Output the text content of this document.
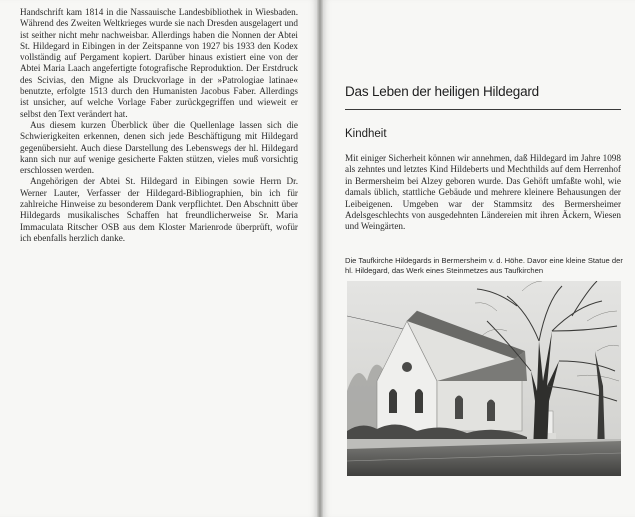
Handschrift kam 1814 in die Nassauische Landesbibliothek in Wiesbaden. Während des Zweiten Weltkrieges wurde sie nach Dresden ausgelagert und ist seither nicht mehr nachweisbar. Allerdings haben die Nonnen der Abtei St. Hildegard in Eibingen in der Zeitspanne von 1927 bis 1933 den Kodex vollständig auf Pergament kopiert. Darüber hinaus existiert eine von der Abtei Maria Laach angefertigte fotografische Reproduktion. Der Erstdruck des Scivias, den Migne als Druckvorlage in der »Patrologiae latinae« benutzte, erfolgte 1513 durch den Humanisten Jacobus Faber. Allerdings ist unsicher, auf welche Vorlage Faber zurückgegriffen und wieweit er selbst den Text verändert hat.

Aus diesem kurzen Überblick über die Quellenlage lassen sich die Schwierigkeiten erkennen, denen sich jede Beschäftigung mit Hildegard gegenübersieht. Auch diese Darstellung des Lebenswegs der hl. Hildegard kann sich nur auf wenige gesicherte Fakten stützen, vieles muß vorsichtig erschlossen werden.

Angehörigen der Abtei St. Hildegard in Eibingen sowie Herrn Dr. Werner Lauter, Verfasser der Hildegard-Bibliographien, bin ich für zahlreiche Hinweise zu besonderem Dank verpflichtet. Den Abschnitt über Hildegards musikalisches Schaffen hat freundlicherweise Sr. Maria Immaculata Ritscher OSB aus dem Kloster Marienrode überprüft, wofür ich ebenfalls herzlich danke.

Das Leben der heiligen Hildegard
Kindheit

Mit einiger Sicherheit können wir annehmen, daß Hildegard im Jahre 1098 als zehntes und letztes Kind Hildeberts und Mechthilds auf dem Herrenhof in Bermersheim bei Alzey geboren wurde. Das Gehöft umfaßte wohl, wie damals üblich, stattliche Gebäude und mehrere kleinere Behausungen der Leibeigenen. Umgeben war der Stammsitz des Bermersheimer Adelsgeschlechts von ausgedehnten Ländereien mit ihren Äckern, Wiesen und Weingärten.

Die Taufkirche Hildegards in Bermersheim v. d. Höhe. Davor eine kleine Statue der hl. Hildegard, das Werk eines Steinmetzes aus Taufkirchen
